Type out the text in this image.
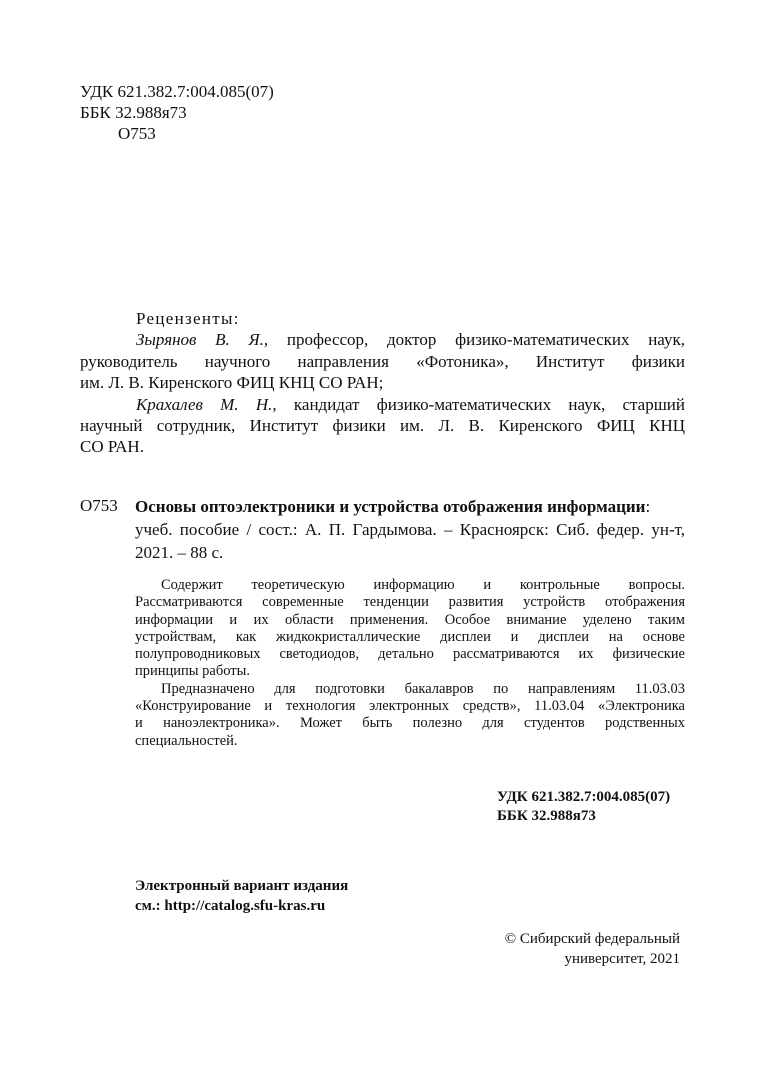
УДК 621.382.7:004.085(07)
ББК 32.988я73
О753
Рецензенты:
Зырянов В. Я., профессор, доктор физико-математических наук,
руководитель научного направления «Фотоника», Институт физики
им. Л. В. Киренского ФИЦ КНЦ СО РАН;
Крахалев М. Н., кандидат физико-математических наук, старший
научный сотрудник, Институт физики им. Л. В. Киренского ФИЦ КНЦ
СО РАН.
О753 Основы оптоэлектроники и устройства отображения информации:
учеб. пособие / сост.: А. П. Гардымова. – Красноярск: Сиб. федер. ун-т,
2021. – 88 с.
Содержит теоретическую информацию и контрольные вопросы.
Рассматриваются современные тенденции развития устройств отображения
информации и их области применения. Особое внимание уделено таким
устройствам, как жидкокристаллические дисплеи и дисплеи на основе
полупроводниковых светодиодов, детально рассматриваются их физические
принципы работы.
Предназначено для подготовки бакалавров по направлениям 11.03.03
«Конструирование и технология электронных средств», 11.03.04 «Электроника
и наноэлектроника». Может быть полезно для студентов родственных
специальностей.
УДК 621.382.7:004.085(07)
ББК 32.988я73
Электронный вариант издания
см.: http://catalog.sfu-kras.ru
© Сибирский федеральный
университет, 2021
